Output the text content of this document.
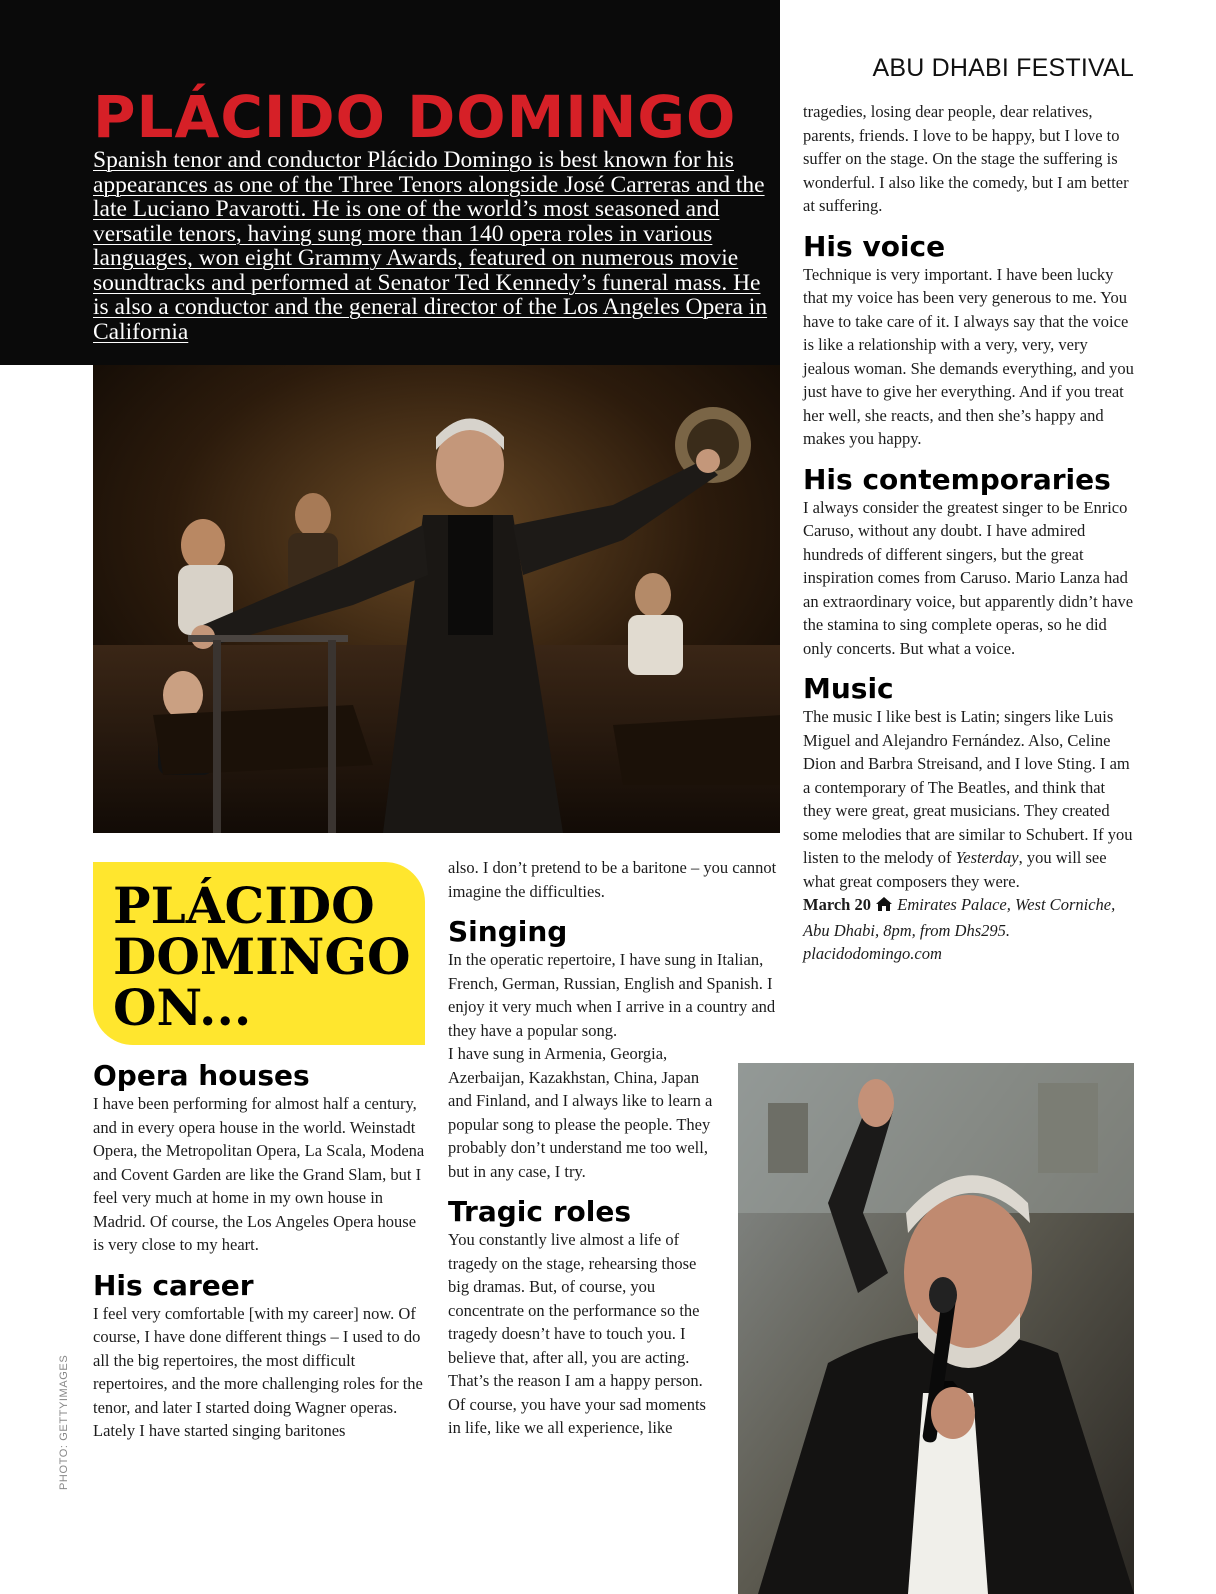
ABU DHABI FESTIVAL
PLÁCIDO DOMINGO

Spanish tenor and conductor Plácido Domingo is best known for his appearances as one of the Three Tenors alongside José Carreras and the late Luciano Pavarotti. He is one of the world’s most seasoned and versatile tenors, having sung more than 140 opera roles in various languages, won eight Grammy Awards, featured on numerous movie soundtracks and performed at Senator Ted Kennedy’s funeral mass. He is also a conductor and the general director of the Los Angeles Opera in California

PLÁCIDO DOMINGO ON...
Opera houses

I have been performing for almost half a century, and in every opera house in the world. Weinstadt Opera, the Metropolitan Opera, La Scala, Modena and Covent Garden are like the Grand Slam, but I feel very much at home in my own house in Madrid. Of course, the Los Angeles Opera house is very close to my heart.

His career

I feel very comfortable [with my career] now. Of course, I have done different things – I used to do all the big repertoires, the most difficult repertoires, and the more challenging roles for the tenor, and later I started doing Wagner operas. Lately I have started singing baritones

also. I don’t pretend to be a baritone – you cannot imagine the difficulties.

Singing

In the operatic repertoire, I have sung in Italian, French, German, Russian, English and Spanish. I enjoy it very much when I arrive in a country and they have a popular song.

I have sung in Armenia, Georgia, Azerbaijan, Kazakhstan, China, Japan and Finland, and I always like to learn a popular song to please the people. They probably don’t understand me too well, but in any case, I try.

Tragic roles

You constantly live almost a life of tragedy on the stage, rehearsing those big dramas. But, of course, you concentrate on the performance so the tragedy doesn’t have to touch you. I believe that, after all, you are acting. That’s the reason I am a happy person. Of course, you have your sad moments in life, like we all experience, like

tragedies, losing dear people, dear relatives, parents, friends. I love to be happy, but I love to suffer on the stage. On the stage the suffering is wonderful. I also like the comedy, but I am better at suffering.

His voice

Technique is very important. I have been lucky that my voice has been very generous to me. You have to take care of it. I always say that the voice is like a relationship with a very, very, very jealous woman. She demands everything, and you just have to give her everything. And if you treat her well, she reacts, and then she’s happy and makes you happy.

His contemporaries

I always consider the greatest singer to be Enrico Caruso, without any doubt. I have admired hundreds of different singers, but the great inspiration comes from Caruso. Mario Lanza had an extraordinary voice, but apparently didn’t have the stamina to sing complete operas, so he did only concerts. But what a voice.

Music

The music I like best is Latin; singers like Luis Miguel and Alejandro Fernández. Also, Celine Dion and Barbra Streisand, and I love Sting. I am a contemporary of The Beatles, and think that they were great, great musicians. They created some melodies that are similar to Schubert. If you listen to the melody of Yesterday, you will see what great composers they were.

March 20 Emirates Palace, West Corniche, Abu Dhabi, 8pm, from Dhs295.
placidodomingo.com

PHOTO: GETTYIMAGES
